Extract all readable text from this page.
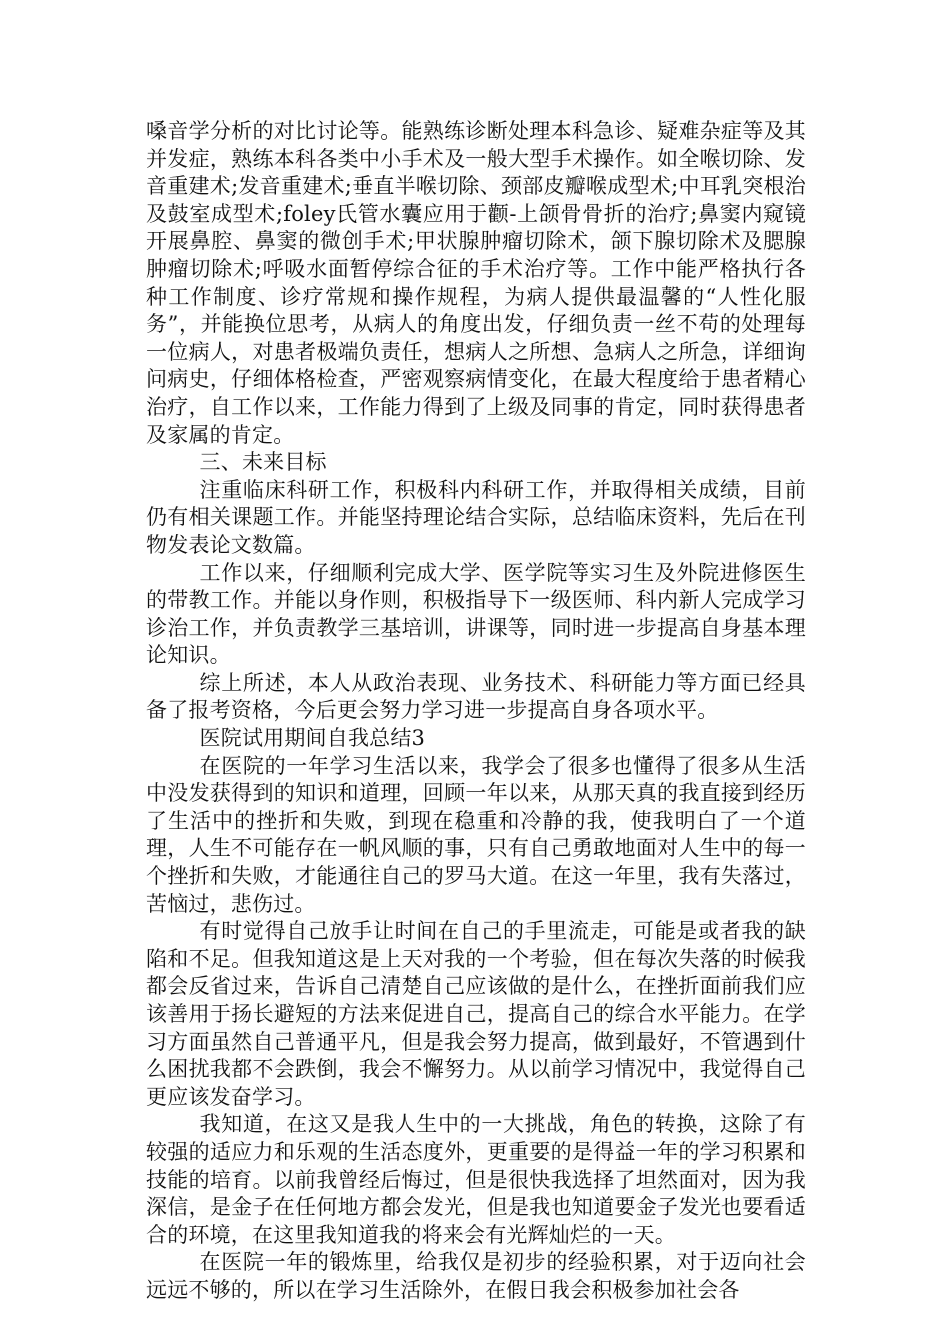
嗓音学分析的对比讨论等。能熟练诊断处理本科急诊、疑难杂症等及其并发症，熟练本科各类中小手术及一般大型手术操作。如全喉切除、发音重建术;发音重建术;垂直半喉切除、颈部皮瓣喉成型术;中耳乳突根治及鼓室成型术;foley氏管水囊应用于颧-上颌骨骨折的治疗;鼻窦内窥镜开展鼻腔、鼻窦的微创手术;甲状腺肿瘤切除术，颌下腺切除术及腮腺肿瘤切除术;呼吸水面暂停综合征的手术治疗等。工作中能严格执行各种工作制度、诊疗常规和操作规程，为病人提供最温馨的“人性化服务”，并能换位思考，从病人的角度出发，仔细负责一丝不苟的处理每一位病人，对患者极端负责任，想病人之所想、急病人之所急，详细询问病史，仔细体格检查，严密观察病情变化，在最大程度给于患者精心治疗，自工作以来，工作能力得到了上级及同事的肯定，同时获得患者及家属的肯定。

三、未来目标

注重临床科研工作，积极科内科研工作，并取得相关成绩，目前仍有相关课题工作。并能坚持理论结合实际，总结临床资料，先后在刊物发表论文数篇。

工作以来，仔细顺利完成大学、医学院等实习生及外院进修医生的带教工作。并能以身作则，积极指导下一级医师、科内新人完成学习诊治工作，并负责教学三基培训，讲课等，同时进一步提高自身基本理论知识。

综上所述，本人从政治表现、业务技术、科研能力等方面已经具备了报考资格，今后更会努力学习进一步提高自身各项水平。

医院试用期间自我总结3

在医院的一年学习生活以来，我学会了很多也懂得了很多从生活中没发获得到的知识和道理，回顾一年以来，从那天真的我直接到经历了生活中的挫折和失败，到现在稳重和冷静的我，使我明白了一个道理，人生不可能存在一帆风顺的事，只有自己勇敢地面对人生中的每一个挫折和失败，才能通往自己的罗马大道。在这一年里，我有失落过，苦恼过，悲伤过。

有时觉得自己放手让时间在自己的手里流走，可能是或者我的缺陷和不足。但我知道这是上天对我的一个考验，但在每次失落的时候我都会反省过来，告诉自己清楚自己应该做的是什么，在挫折面前我们应该善用于扬长避短的方法来促进自己，提高自己的综合水平能力。在学习方面虽然自己普通平凡，但是我会努力提高，做到最好，不管遇到什么困扰我都不会跌倒，我会不懈努力。从以前学习情况中，我觉得自己更应该发奋学习。

我知道，在这又是我人生中的一大挑战，角色的转换，这除了有较强的适应力和乐观的生活态度外，更重要的是得益一年的学习积累和技能的培育。以前我曾经后悔过，但是很快我选择了坦然面对，因为我深信，是金子在任何地方都会发光，但是我也知道要金子发光也要看适合的环境，在这里我知道我的将来会有光辉灿烂的一天。

在医院一年的锻炼里，给我仅是初步的经验积累，对于迈向社会远远不够的，所以在学习生活除外，在假日我会积极参加社会各
